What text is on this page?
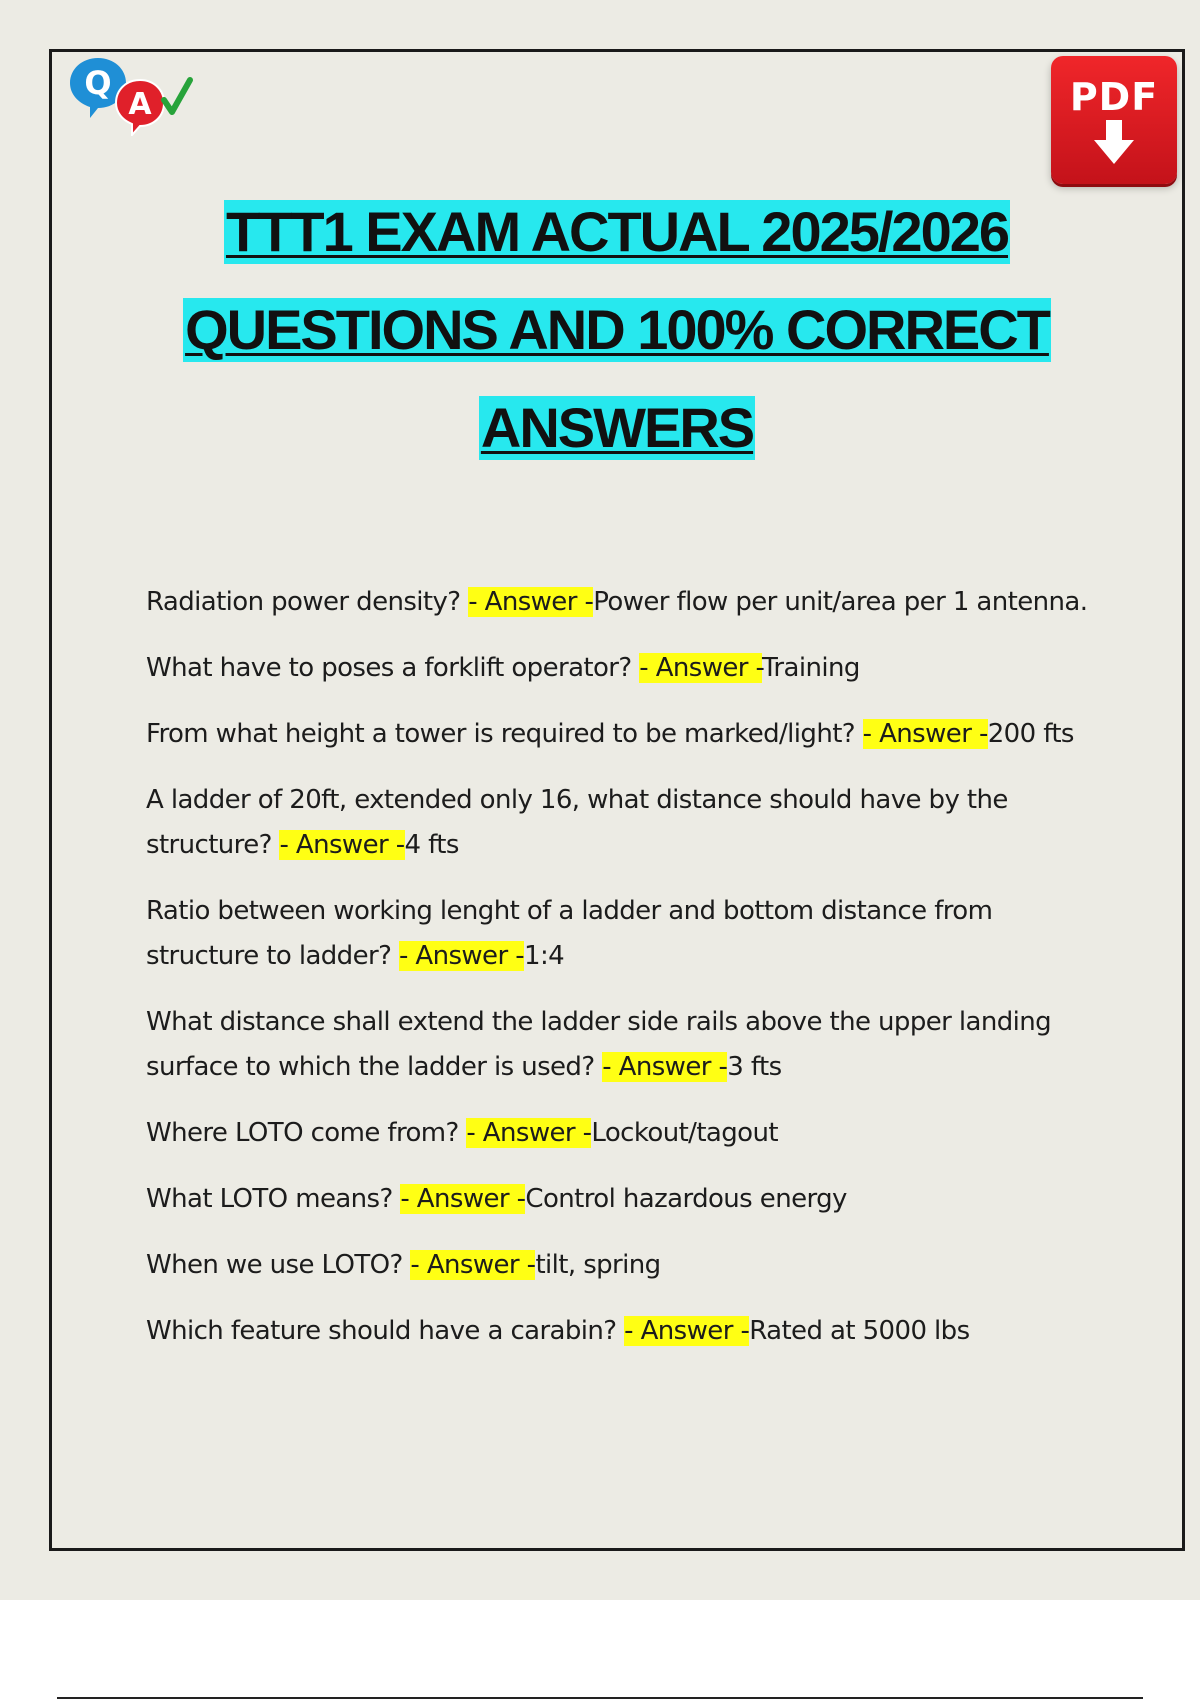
Q
A	PDF
TTT1 EXAM ACTUAL 2025/2026
QUESTIONS AND 100% CORRECT
ANSWERS

Radiation power density? - Answer -Power flow per unit/area per 1 antenna.

What have to poses a forklift operator? - Answer -Training

From what height a tower is required to be marked/light? - Answer -200 fts

A ladder of 20ft, extended only 16, what distance should have by the structure? - Answer -4 fts

Ratio between working lenght of a ladder and bottom distance from structure to ladder? - Answer -1:4

What distance shall extend the ladder side rails above the upper landing surface to which the ladder is used? - Answer -3 fts

Where LOTO come from? - Answer -Lockout/tagout

What LOTO means? - Answer -Control hazardous energy

When we use LOTO? - Answer -tilt, spring

Which feature should have a carabin? - Answer -Rated at 5000 lbs
